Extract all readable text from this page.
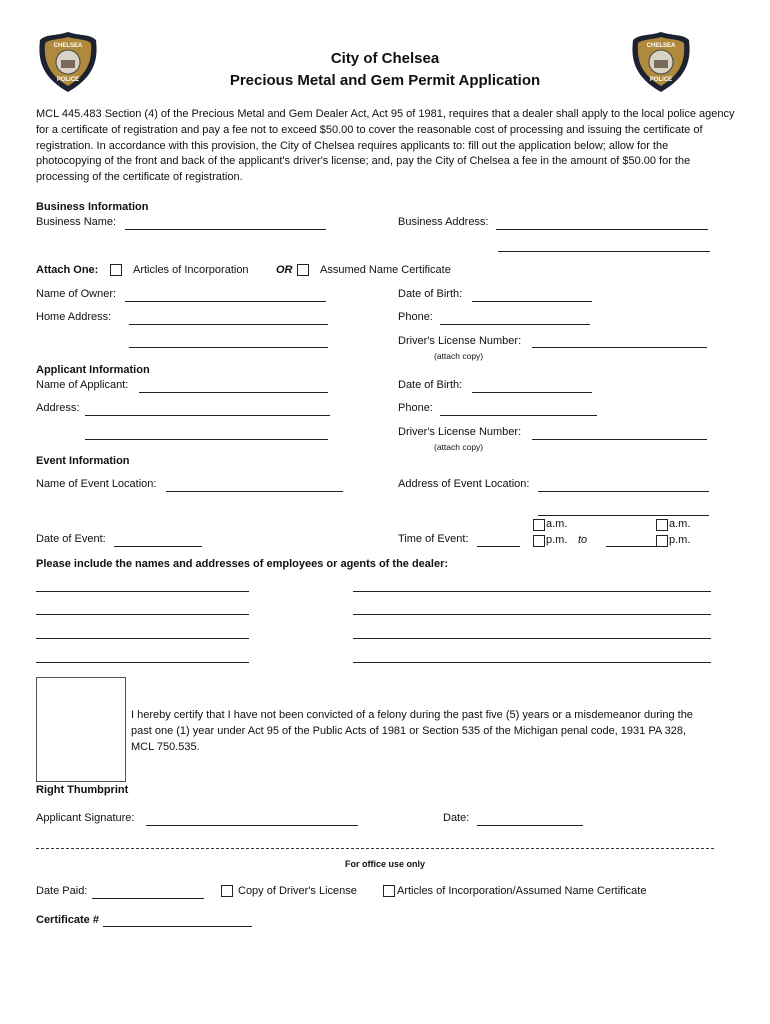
CHELSEA
POLICE
CHELSEA
POLICE
City of Chelsea
Precious Metal and Gem Permit Application
MCL 445.483 Section (4) of the Precious Metal and Gem Dealer Act, Act 95 of 1981, requires that a dealer shall apply to the local police agency for a certificate of registration and pay a fee not to exceed $50.00 to cover the reasonable cost of processing and issuing the certificate of registration. In accordance with this provision, the City of Chelsea requires applicants to: fill out the application below; allow for the photocopying of the front and back of the applicant's driver's license; and, pay the City of Chelsea a fee in the amount of $50.00 for the processing of the certificate of registration.
Business Information
Business Name:	Business Address:
Attach One:	Articles of Incorporation OR	Assumed Name Certificate
Name of Owner:	Date of Birth:
Home Address:	Phone:
Driver's License Number:
(attach copy)
Applicant Information
Name of Applicant:	Date of Birth:
Address:	Phone:
Driver's License Number:
(attach copy)
Event Information
Name of Event Location:	Address of Event Location:
Date of Event:	Time of Event:
a.m.
p.m. to
a.m.
p.m.
Please include the names and addresses of employees or agents of the dealer:
Right Thumbprint
I hereby certify that I have not been convicted of a felony during the past five (5) years or a misdemeanor during the past one (1) year under Act 95 of the Public Acts of 1981 or Section 535 of the Michigan penal code, 1931 PA 328, MCL 750.535.
Applicant Signature:	Date:
For office use only
Date Paid:	Copy of Driver's License	Articles of Incorporation/Assumed Name Certificate
Certificate #
